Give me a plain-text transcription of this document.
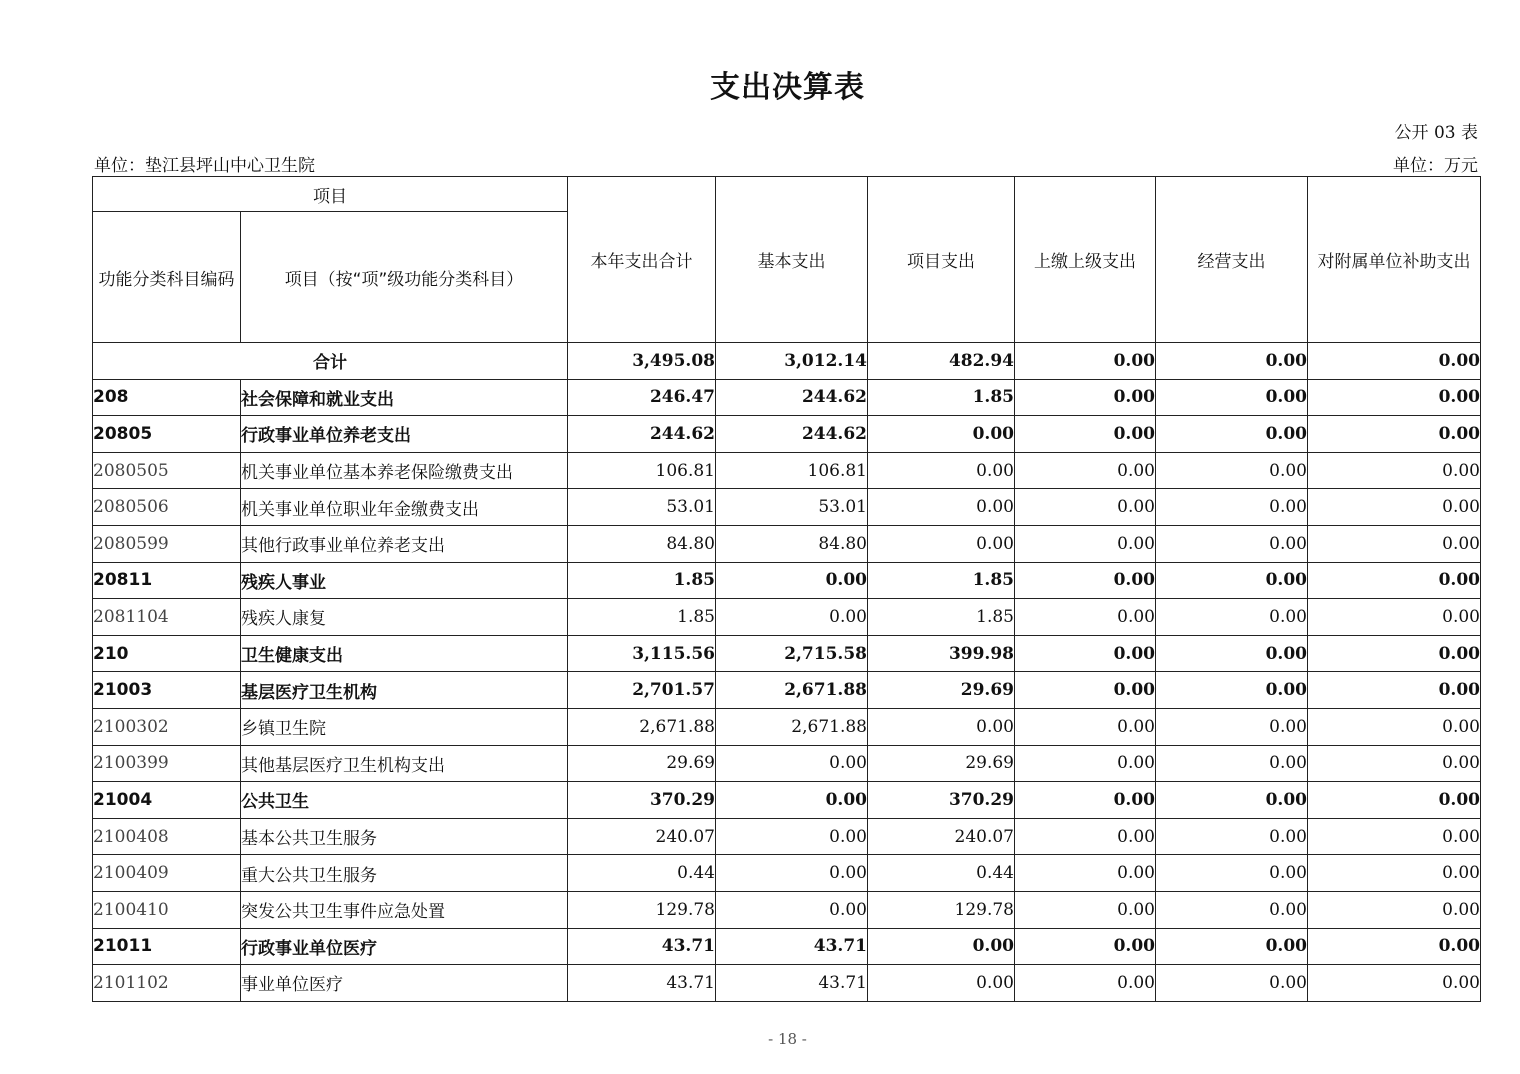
支出决算表
公开 03 表
单位：垫江县坪山中心卫生院	单位：万元
项目		本年支出合计	基本支出	项目支出	上缴上级支出	经营支出	对附属单位补助支出
功能分类科目编码	项目（按“项”级功能分类科目）						
合计		3,495.08	3,012.14	482.94	0.00	0.00	0.00
208	社会保障和就业支出	246.47	244.62	1.85	0.00	0.00	0.00
20805	行政事业单位养老支出	244.62	244.62	0.00	0.00	0.00	0.00
2080505	机关事业单位基本养老保险缴费支出	106.81	106.81	0.00	0.00	0.00	0.00
2080506	机关事业单位职业年金缴费支出	53.01	53.01	0.00	0.00	0.00	0.00
2080599	其他行政事业单位养老支出	84.80	84.80	0.00	0.00	0.00	0.00
20811	残疾人事业	1.85	0.00	1.85	0.00	0.00	0.00
2081104	残疾人康复	1.85	0.00	1.85	0.00	0.00	0.00
210	卫生健康支出	3,115.56	2,715.58	399.98	0.00	0.00	0.00
21003	基层医疗卫生机构	2,701.57	2,671.88	29.69	0.00	0.00	0.00
2100302	乡镇卫生院	2,671.88	2,671.88	0.00	0.00	0.00	0.00
2100399	其他基层医疗卫生机构支出	29.69	0.00	29.69	0.00	0.00	0.00
21004	公共卫生	370.29	0.00	370.29	0.00	0.00	0.00
2100408	基本公共卫生服务	240.07	0.00	240.07	0.00	0.00	0.00
2100409	重大公共卫生服务	0.44	0.00	0.44	0.00	0.00	0.00
2100410	突发公共卫生事件应急处置	129.78	0.00	129.78	0.00	0.00	0.00
21011	行政事业单位医疗	43.71	43.71	0.00	0.00	0.00	0.00
2101102	事业单位医疗	43.71	43.71	0.00	0.00	0.00	0.00
- 18 -
